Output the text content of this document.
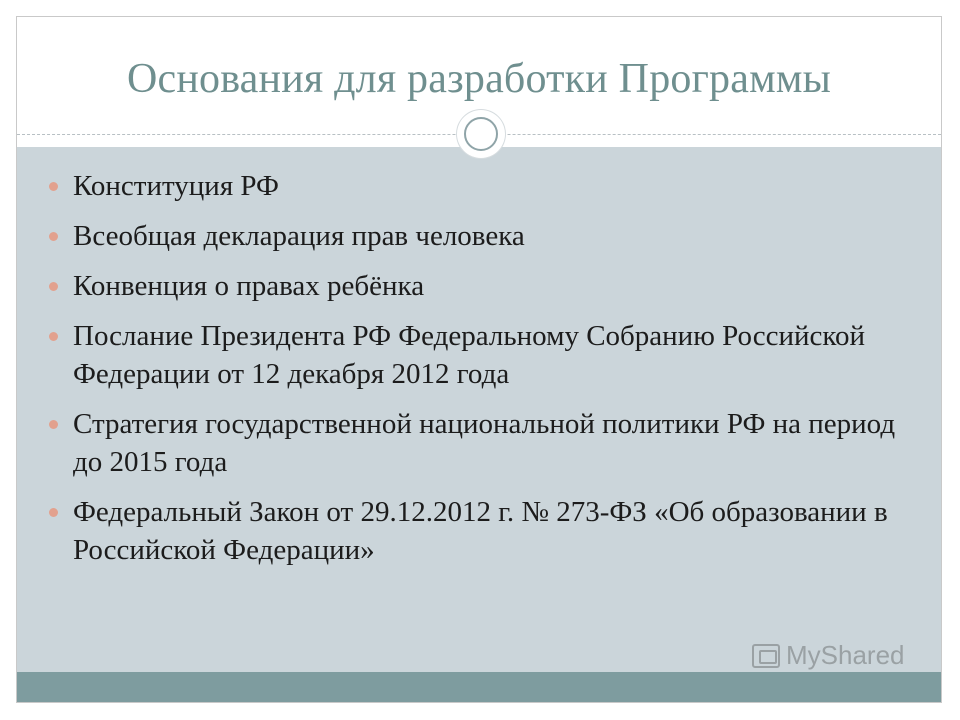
Основания для разработки Программы
Конституция РФ
Всеобщая декларация прав человека
Конвенция о правах ребёнка
Послание Президента РФ Федеральному Собранию Российской Федерации от 12 декабря 2012 года
Стратегия государственной национальной политики РФ на период до 2015 года
Федеральный Закон от 29.12.2012 г. № 273-ФЗ «Об образовании в Российской Федерации»
MyShared
